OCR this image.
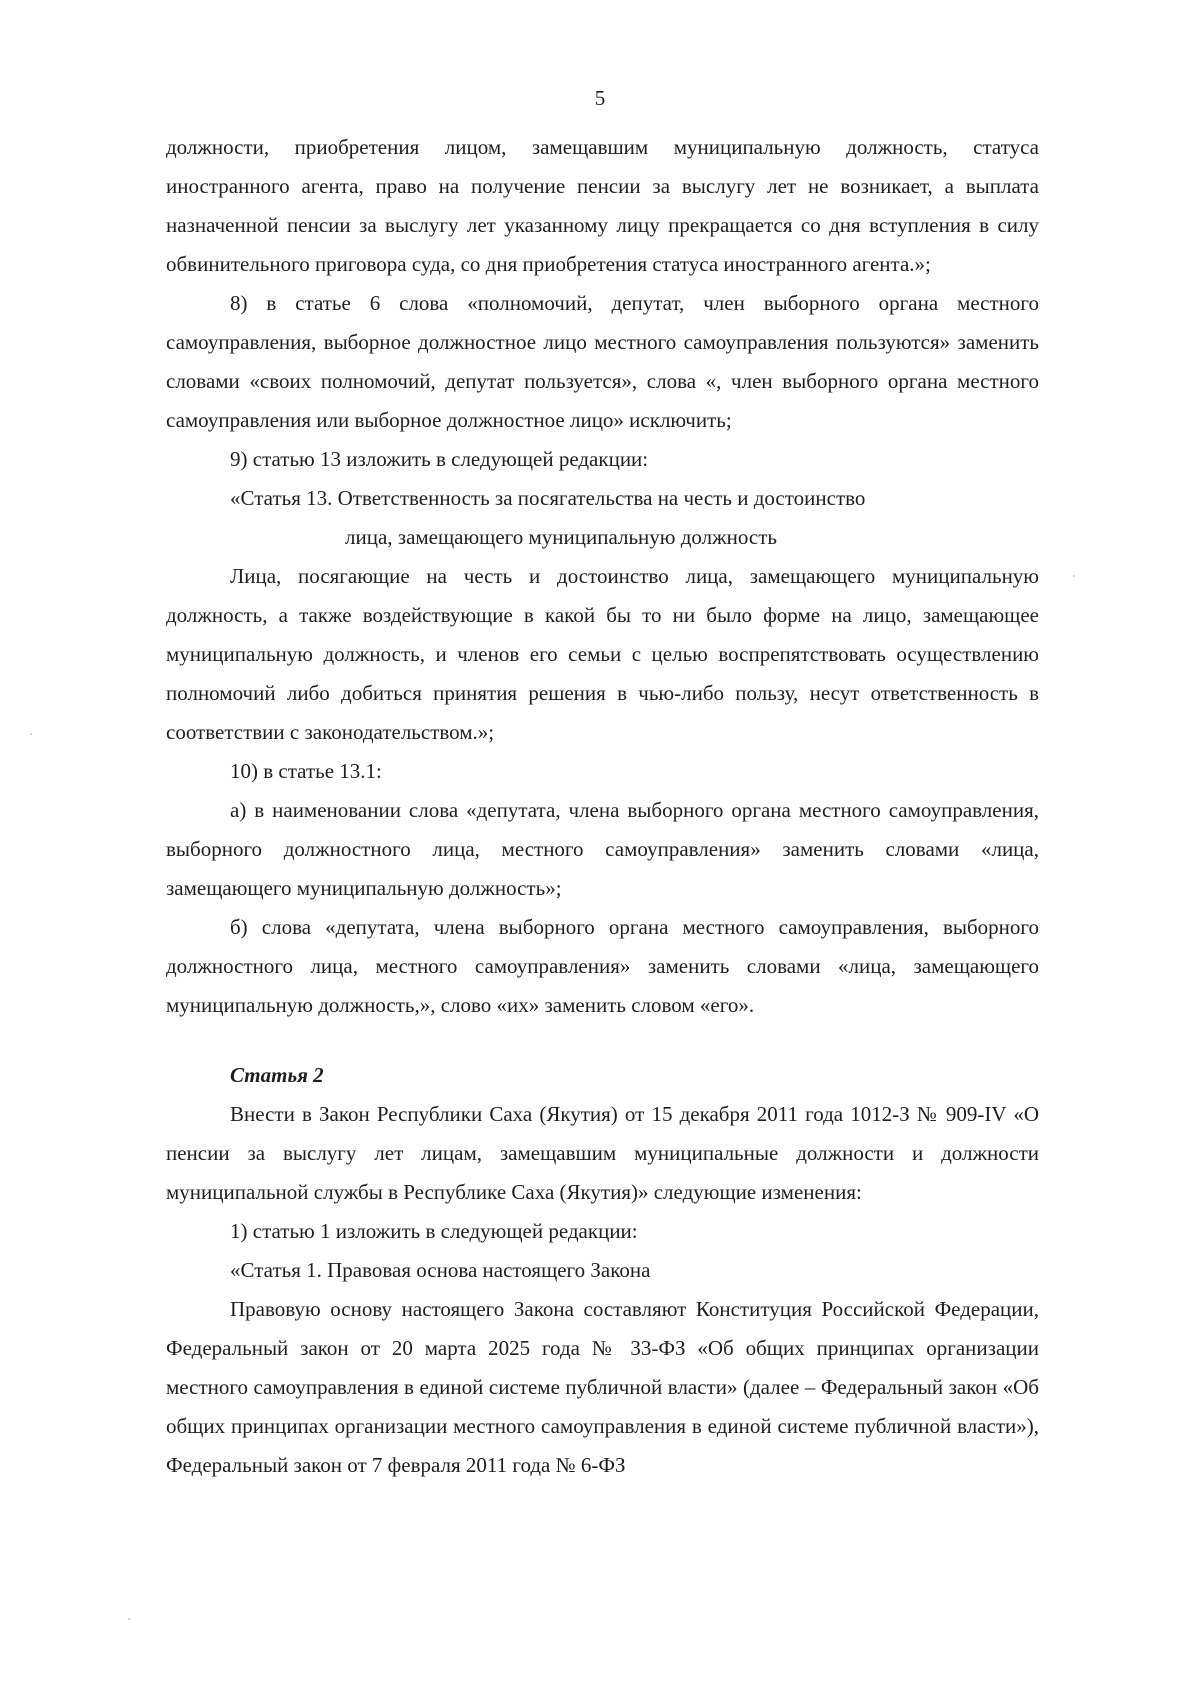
5

должности, приобретения лицом, замещавшим муниципальную должность, статуса иностранного агента, право на получение пенсии за выслугу лет не возникает, а выплата назначенной пенсии за выслугу лет указанному лицу прекращается со дня вступления в силу обвинительного приговора суда, со дня приобретения статуса иностранного агента.»;

8) в статье 6 слова «полномочий, депутат, член выборного органа местного самоуправления, выборное должностное лицо местного самоуправления пользуются» заменить словами «своих полномочий, депутат пользуется», слова «, член выборного органа местного самоуправления или выборное должностное лицо» исключить;

9) статью 13 изложить в следующей редакции:

«Статья 13. Ответственность за посягательства на честь и достоинство

лица, замещающего муниципальную должность

Лица, посягающие на честь и достоинство лица, замещающего муниципальную должность, а также воздействующие в какой бы то ни было форме на лицо, замещающее муниципальную должность, и членов его семьи с целью воспрепятствовать осуществлению полномочий либо добиться принятия решения в чью-либо пользу, несут ответственность в соответствии с законодательством.»;

10) в статье 13.1:

а) в наименовании слова «депутата, члена выборного органа местного самоуправления, выборного должностного лица, местного самоуправления» заменить словами «лица, замещающего муниципальную должность»;

б) слова «депутата, члена выборного органа местного самоуправления, выборного должностного лица, местного самоуправления» заменить словами «лица, замещающего муниципальную должность,», слово «их» заменить словом «его».

Статья 2

Внести в Закон Республики Саха (Якутия) от 15 декабря 2011 года 1012-З № 909-IV «О пенсии за выслугу лет лицам, замещавшим муниципальные должности и должности муниципальной службы в Республике Саха (Якутия)» следующие изменения:

1) статью 1 изложить в следующей редакции:

«Статья 1. Правовая основа настоящего Закона

Правовую основу настоящего Закона составляют Конституция Российской Федерации, Федеральный закон от 20 марта 2025 года № 33-ФЗ «Об общих принципах организации местного самоуправления в единой системе публичной власти» (далее – Федеральный закон «Об общих принципах организации местного самоуправления в единой системе публичной власти»), Федеральный закон от 7 февраля 2011 года № 6-ФЗ
